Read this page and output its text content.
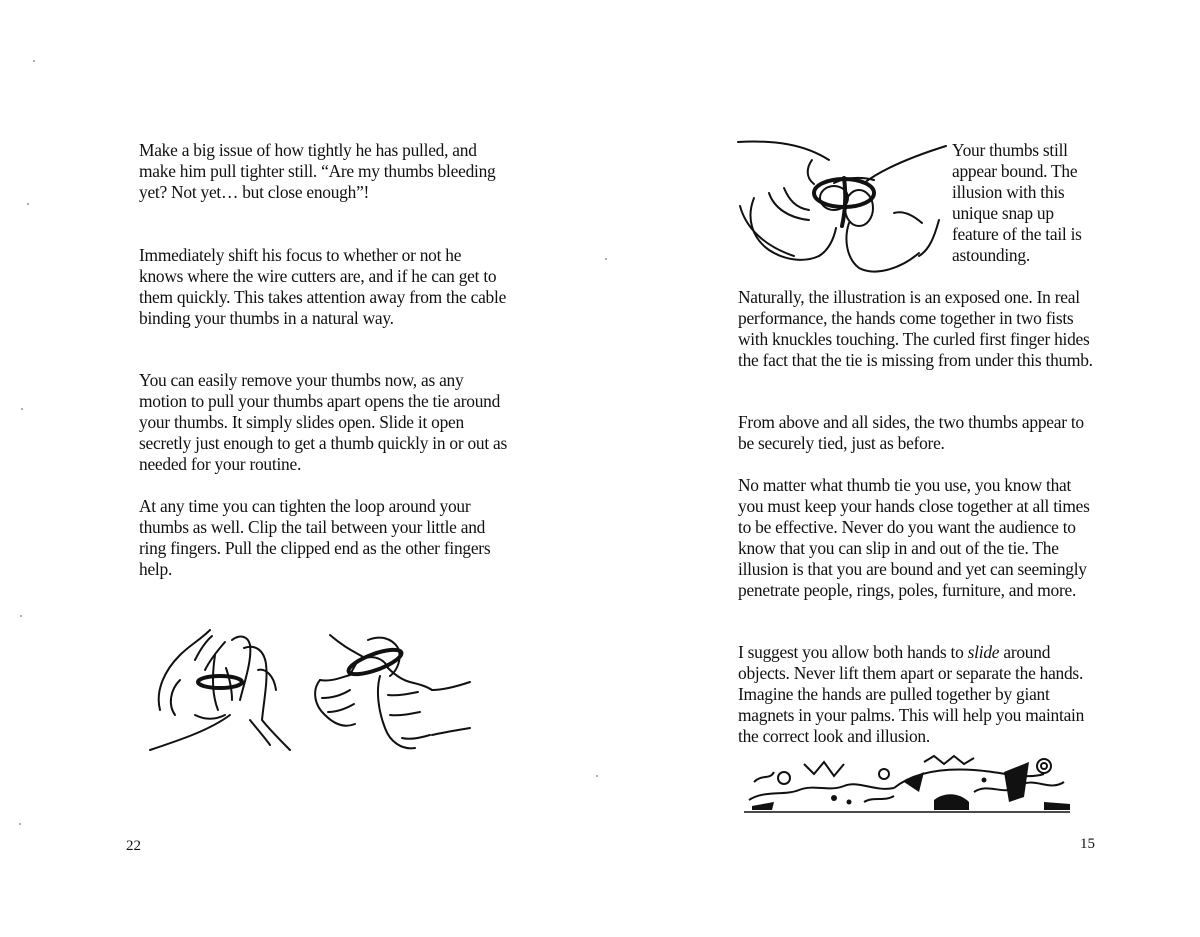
Make a big issue of how tightly he has pulled, and make him pull tighter still. “Are my thumbs bleeding yet? Not yet… but close enough”!

Immediately shift his focus to whether or not he knows where the wire cutters are, and if he can get to them quickly. This takes attention away from the cable binding your thumbs in a natural way.

You can easily remove your thumbs now, as any motion to pull your thumbs apart opens the tie around your thumbs. It simply slides open. Slide it open secretly just enough to get a thumb quickly in or out as needed for your routine.

At any time you can tighten the loop around your thumbs as well. Clip the tail between your little and ring fingers. Pull the clipped end as the other fingers help.

22

Your thumbs still appear bound. The illusion with this unique snap up feature of the tail is astounding.

Naturally, the illustration is an exposed one. In real performance, the hands come together in two fists with knuckles touching. The curled first finger hides the fact that the tie is missing from under this thumb.

From above and all sides, the two thumbs appear to be securely tied, just as before.

No matter what thumb tie you use, you know that you must keep your hands close together at all times to be effective. Never do you want the audience to know that you can slip in and out of the tie. The illusion is that you are bound and yet can seemingly penetrate people, rings, poles, furniture, and more.

I suggest you allow both hands to slide around objects. Never lift them apart or separate the hands. Imagine the hands are pulled together by giant magnets in your palms. This will help you maintain the correct look and illusion.

15
